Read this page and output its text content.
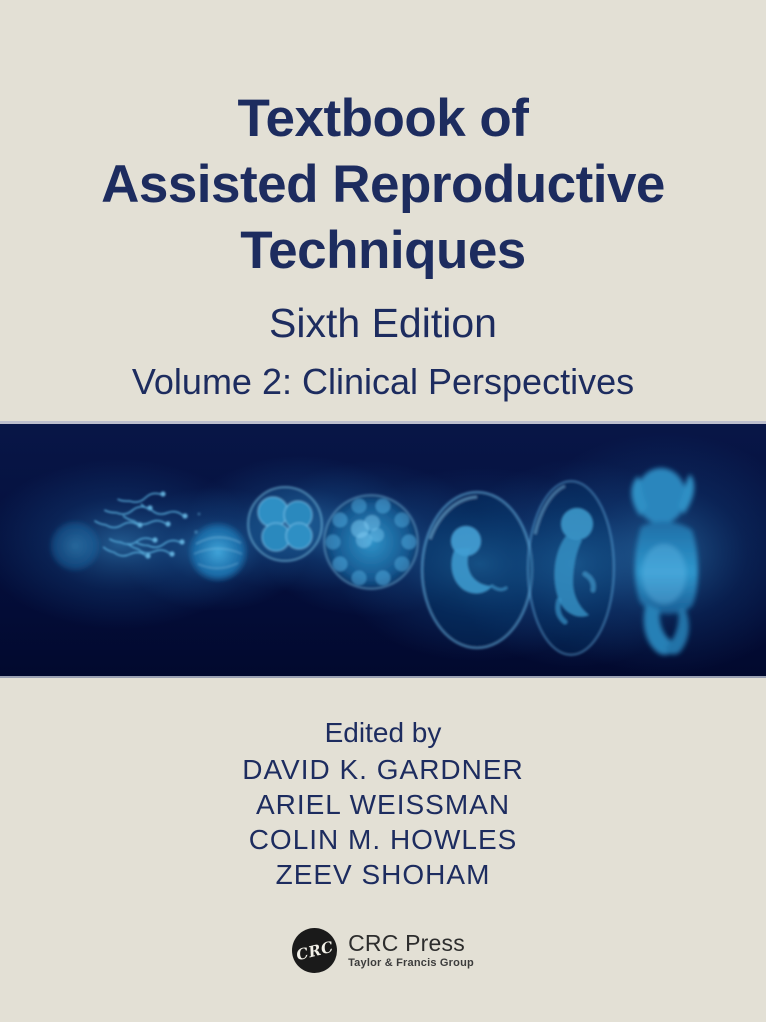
Textbook of
Assisted Reproductive
Techniques
Sixth Edition
Volume 2: Clinical Perspectives
Edited by
DAVID K. GARDNER
ARIEL WEISSMAN
COLIN M. HOWLES
ZEEV SHOHAM
CRC CRC Press
Taylor & Francis Group
